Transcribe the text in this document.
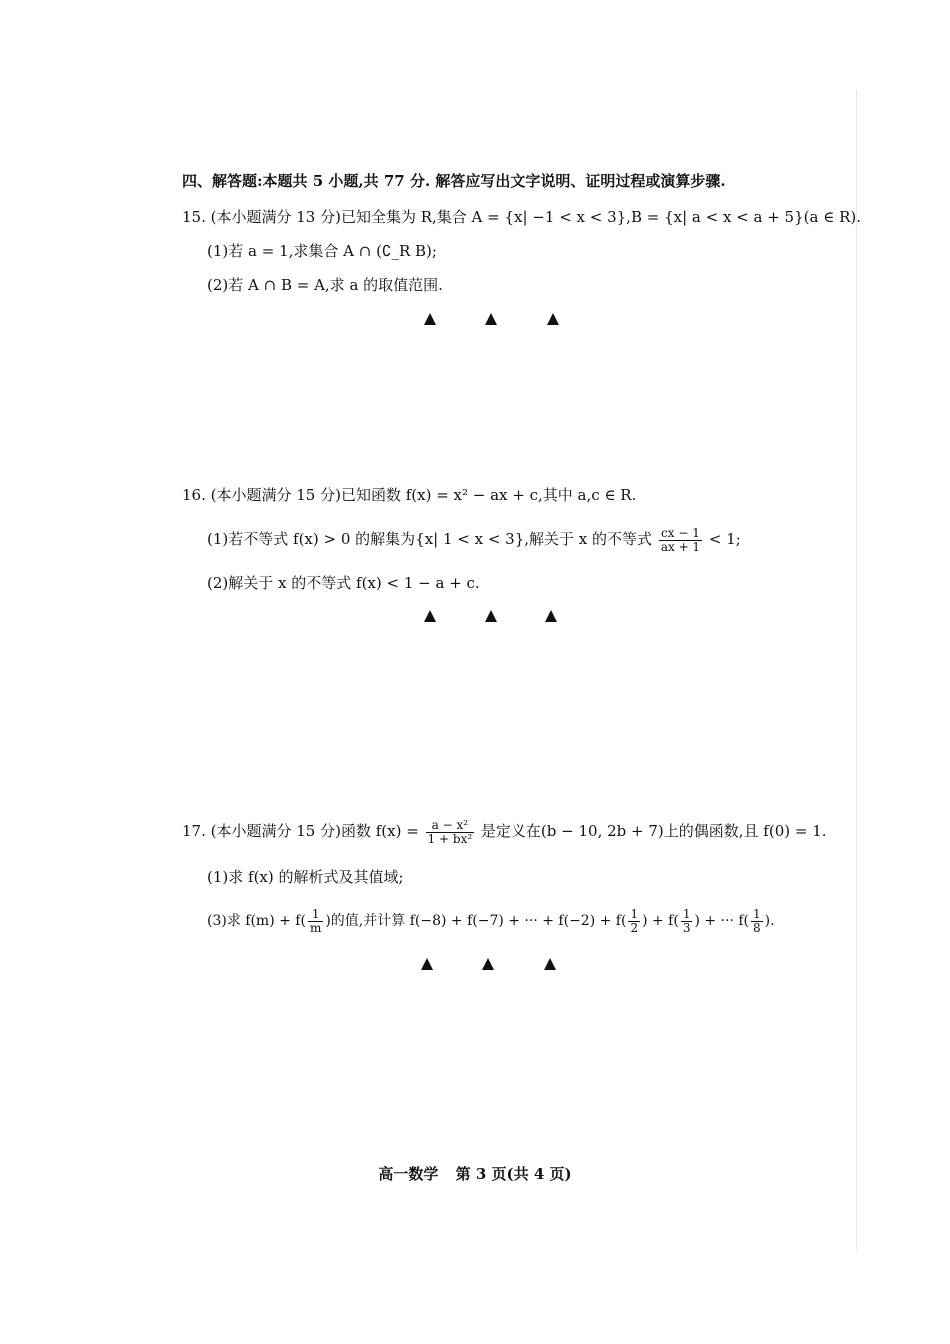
四、解答题:本题共 5 小题,共 77 分. 解答应写出文字说明、证明过程或演算步骤.
15. (本小题满分 13 分)已知全集为 R,集合 A = {x| −1 < x < 3},B = {x| a < x < a + 5}(a ∈ R).
(1)若 a = 1,求集合 A ∩ (∁_R B);
(2)若 A ∩ B = A,求 a 的取值范围.
16. (本小题满分 15 分)已知函数 f(x) = x² − ax + c,其中 a,c ∈ R.
(1)若不等式 f(x) > 0 的解集为{x| 1 < x < 3},解关于 x 的不等式 $\frac{cx - 1}{ax + 1} < 1$;
(2)解关于 x 的不等式 f(x) < 1 − a + c.
17. (本小题满分 15 分)函数 $f(x) = \frac{\text{a − x²}}{\text{1 + bx²}}$ 是定义在(b − 10, 2b + 7)上的偶函数,且 f(0) = 1.
(1)求 f(x) 的解析式及其值域;
(3)求 $f(m) + f( \frac{1}{m}$ )的值,并计算 f(−8) + f(−7) + ··· + $f(-2) + f( \frac{1}{2}$ ) + $f( \frac{1}{3}$ ) + ··· $f( \frac{1}{8}$ ).
高一数学 第 3 页(共 4 页)
